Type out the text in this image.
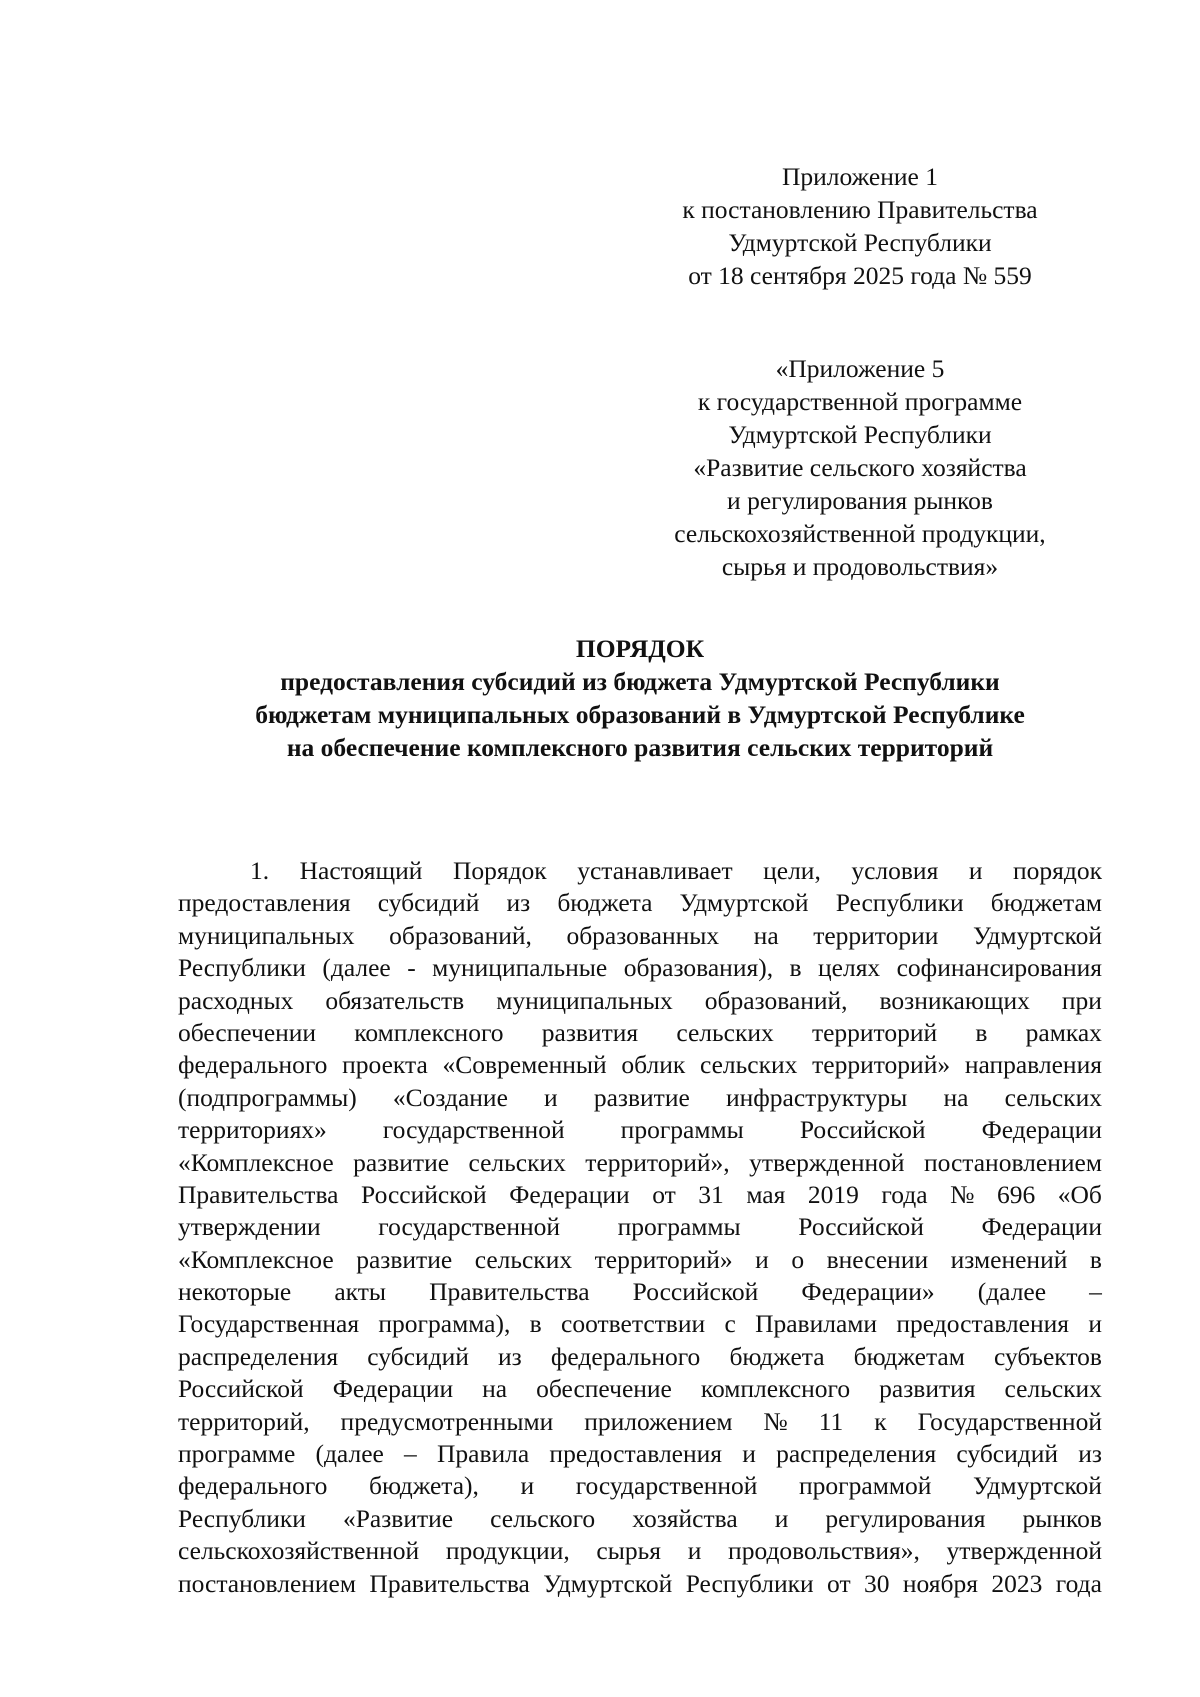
Приложение 1
к постановлению Правительства
Удмуртской Республики
от 18 сентября 2025 года № 559
«Приложение 5
к государственной программе
Удмуртской Республики
«Развитие сельского хозяйства
и регулирования рынков
сельскохозяйственной продукции,
сырья и продовольствия»
ПОРЯДОК
предоставления субсидий из бюджета Удмуртской Республики
бюджетам муниципальных образований в Удмуртской Республике
на обеспечение комплексного развития сельских территорий
1. Настоящий Порядок устанавливает цели, условия и порядок
предоставления субсидий из бюджета Удмуртской Республики бюджетам
муниципальных образований, образованных на территории Удмуртской
Республики (далее - муниципальные образования), в целях софинансирования
расходных обязательств муниципальных образований, возникающих при
обеспечении комплексного развития сельских территорий в рамках
федерального проекта «Современный облик сельских территорий» направления
(подпрограммы) «Создание и развитие инфраструктуры на сельских
территориях» государственной программы Российской Федерации
«Комплексное развитие сельских территорий», утвержденной постановлением
Правительства Российской Федерации от 31 мая 2019 года № 696 «Об
утверждении государственной программы Российской Федерации
«Комплексное развитие сельских территорий» и о внесении изменений в
некоторые акты Правительства Российской Федерации» (далее –
Государственная программа), в соответствии с Правилами предоставления и
распределения субсидий из федерального бюджета бюджетам субъектов
Российской Федерации на обеспечение комплексного развития сельских
территорий, предусмотренными приложением № 11 к Государственной
программе (далее – Правила предоставления и распределения субсидий из
федерального бюджета), и государственной программой Удмуртской
Республики «Развитие сельского хозяйства и регулирования рынков
сельскохозяйственной продукции, сырья и продовольствия», утвержденной
постановлением Правительства Удмуртской Республики от 30 ноября 2023 года
